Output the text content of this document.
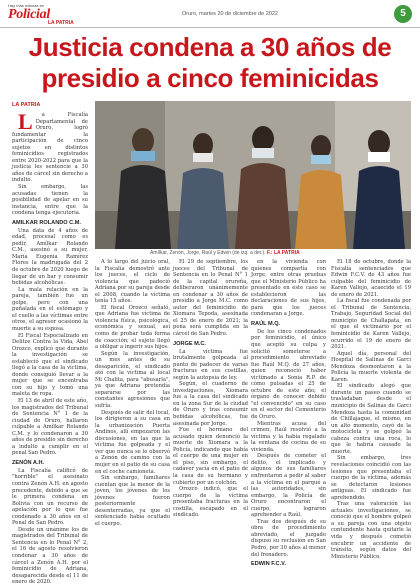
Hay más noticias en
Policial
LA PATRIA
Oruro, martes 20 de diciembre de 2022	5
Justicia condena a 30 años de presidio a cinco feminicidas
LA PATRIA

L a Fiscalía Departamental de Oruro, logró fundamentar la participación de cinco sujetos en distintos feminicidios registrados entre 2020-2022 para que la justicia les sentencie a 30 años de cárcel sin derecho a indulto.

Sin embargo, las acusadas tienen la posibilidad de apelar en su instancia, entre que la condena tenga ejecutoria.

AMILKAR ROLANDO C.M.

Una data de 4 años de edad, procesal como es pedir, Amílkar Rolando C.M., asesinó a su mujer, María Eugenia Ramírez Flores la madrugada del 2 de octubre de 2020 luego de llegar de un bar y consumir bebidas alcohólicas.

La mala relación en la pareja, también fue un golpe, pero con una puñalada en el estómago y el cuello a las víctimas entre otros, el agresor ocasionó la muerte a su esposa.

El Fiscal Especializado en Delitos Contra la Vida, Abel Orozco, explicó que durante la investigación se estableció que el sindicado llegó a la casa de la víctima, donde consiguió llevar a la mujer que se encontraba con su hijo y tomó una maleta de ropa.

El 13 de abril de este año, los magistrados del Tribunal de Sentencia N° 1 de la ciudad de Oruro, hallaron culpable a Amílkar Rolando C.M. y lo condenaron a 30 años de presidio sin derecho a indulto a cumplir en el penal San Pedro.

ZENÓN A.H.

La Fiscalía calificó de "horrible" el asesinato contra Zenón A.H. en agosto precedente, debido a que se le primera condena en Bolivia con un recurso de apelación por lo que fue condenado a 30 años en el Penal de San Pedro.

Desde un unánime los de magistrados del Tribunal de Sentencia en lo Penal N° 2, el 16 de agosto resolvieron condenar a 30 años de cárcel a Zenón A.H. por el feminicidio de Adriana, desaparecida desde el 11 de enero de 2020.

Amílkar, Zenón, Jorge, Raúl y Edwin (de izq. a der.). F.: LA PATRIA

A lo largo del juicio oral, la Fiscalía demostró ante los jueces, el ciclo de violencia que padeció Adriana por su pareja desde el 2008, cuando la víctima tenía 15 años.

El fiscal Orozco señaló, que Adriana fue víctima de violencia física, psicológica, económica y sexual, así como de probar toda forma de coacción; el sujeto llegó a obligar a ingerir sus hijos.

Según la investigación, un mes antes de su desaparición, el sindicado ató con la víctima al local Mi Chalita, para "abusarla", ya que Adriana pretendía separarse por las constantes agresiones que sufría.

Después de salir del local, los dirigieron a su casa en la urbanización Puerta Andinos, allí empezaron las discusiones, en las que la víctima fue golpeada y el ver que nunca se le observó a Zenón de camino con la mujer en el patio de su casa en el coche camioneta.

Sin embargo, familiares cuentan que la menor de la joven, los jóvenes de los jóvenes fueron posteriormente desenterradas, ya que el sentenciado había ocultado el cuerpo.

El 29 de septiembre, los jueces del Tribunal de Sentencia en lo Penal N° 1 de la capital orureña, deliberaron unánimemente en condenar a 30 años de presidio a Jorge M.C. como autor del feminicidio de Xiomara Tepoda, asesinada el 25 de enero de 2021; la pena será cumplida en la cárcel de San Pedro.

JORGE M.C.

La víctima fue brutalmente golpeada al punto de padecer de varias fracturas en sus costillas, según la autopsia de ley.

Según, el cuaderno de investigaciones, Xiomara fue a la casa del sindicado en la zona Sur de la ciudad de Oruro y tras consumir bebidas alcohólicas, fue asesinada por Jorge.

Fue el hermano del acusado quien denunció la muerte de Xiomara a la Policía, indicando que había el cuerpo de una mujer en el piso, sin embargo, el cadáver yacía en el patio de la casa de su hermano y cubierto por un colchón.

Orozco indicó, que el cuerpo de la víctima presentaba fracturas en la costilla, escapado en el sindicado.

en la vivienda con quienes compartía con Jorge, entre otras pruebas que el Ministerio Público ha presentado en este caso se establecieron las declaraciones de sus hijos, para que los jueces condenaran a Jorge.

RAÚL M.Q.

De los cinco condenados por feminicidio, el único que aceptó su culpa y solicitó someterse a procedimiento abreviado fue Raúl M.Q. de 27 años, quien reconoció haber victimado a Sonia R.P. de cómo pulsadas el 25 de octubre de este año; el órgano de conocer debido "el convencido" en su caso en el sector del Cementerio de Oruro.

Mientras acusa del crimen, Raúl resolvió a la víctima y la había regalado la ventana de cocina de su vivienda.

Después de cometer el delito, el implicado y algunos de sus familiares enfrentaron a pedir al saber a la víctima en el parqué a las autoridades, sin embargo, la Policía de Oruro encontraron el cuerpo, lograron aprehender a Raúl.

Tras dos después de su obra de procedimiento abreviado, el juzgado dispuso su reclusión en San Pedro, por 30 años al menor del frenadero.

EDWIN F.C.V.

El 18 de octubre, donde la Fiscalía sentenciados que Edwin F.C.V. de 43 años fue culpable del feminicidio de Karen Vallejo, acaecido el 19 de enero de 2021.

La fiscal fue condenada por el Tribunal de Sentencia, Trabajo, Seguridad Social del municipio de Challapata, en el que el victimario por el feminicidio de Karen Vallejo, ocurrido el 19 de enero de 2021.

Aquel día, personal del Hospital de Salinas de Garci Mendoza desmontaron a la Policía la muerte violenta de Karen.

El sindicado alegó que durante un paseo cuando se trasladaban desde el municipio de Salinas de Garci Mendoza hasta la comunidad de Chillajaque, el mismo, en un alto momento, cayó de la motocicleta y se golpeó la cabeza contra una roca, lo que le habría causado la muerte.

Sin embargo, tres revelaciones coincidió con las lesiones que presentaba el cuerpo de la víctima, además se detectaron lesiones antiguas. El sindicado fue aprehendido.

Tras una valoración las actuales investigaciones, se conoció que el hombre golpeó a su pareja con una objeto contundente hasta quitarle la vida y después cometió encubrir un accidente de tránsito, según datos del Ministerio Público.
